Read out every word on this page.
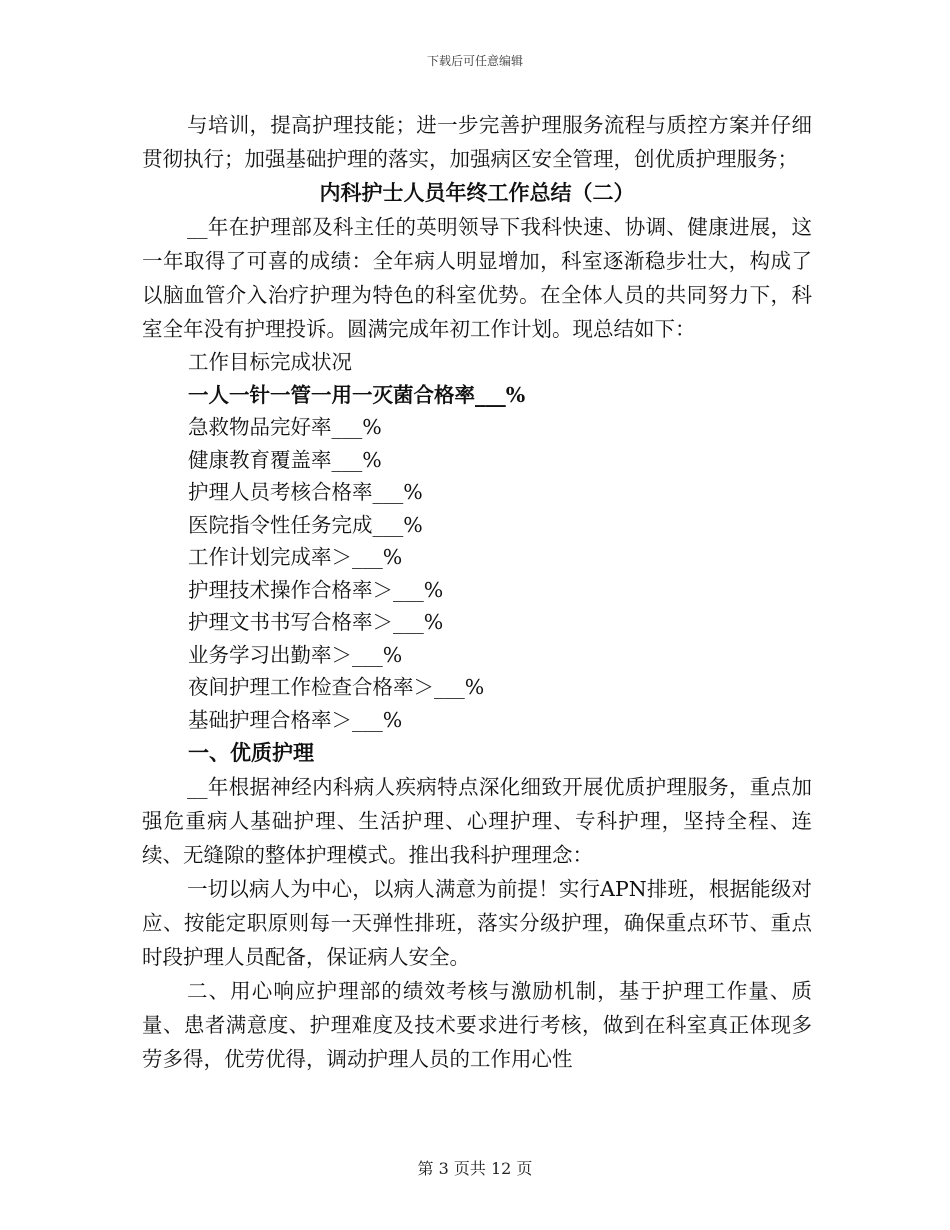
下载后可任意编辑

与培训，提高护理技能；进一步完善护理服务流程与质控方案并仔细贯彻执行；加强基础护理的落实，加强病区安全管理，创优质护理服务；

内科护士人员年终工作总结（二）

__年在护理部及科主任的英明领导下我科快速、协调、健康进展，这一年取得了可喜的成绩：全年病人明显增加，科室逐渐稳步壮大，构成了以脑血管介入治疗护理为特色的科室优势。在全体人员的共同努力下，科室全年没有护理投诉。圆满完成年初工作计划。现总结如下：

工作目标完成状况

一人一针一管一用一灭菌合格率___%

急救物品完好率___%

健康教育覆盖率___%

护理人员考核合格率___%

医院指令性任务完成___%

工作计划完成率＞___%

护理技术操作合格率＞___%

护理文书书写合格率＞___%

业务学习出勤率＞___%

夜间护理工作检查合格率＞___%

基础护理合格率＞___%

一、优质护理

__年根据神经内科病人疾病特点深化细致开展优质护理服务，重点加强危重病人基础护理、生活护理、心理护理、专科护理，坚持全程、连续、无缝隙的整体护理模式。推出我科护理理念：

一切以病人为中心，以病人满意为前提！实行APN排班，根据能级对应、按能定职原则每一天弹性排班，落实分级护理，确保重点环节、重点时段护理人员配备，保证病人安全。

二、用心响应护理部的绩效考核与激励机制，基于护理工作量、质量、患者满意度、护理难度及技术要求进行考核，做到在科室真正体现多劳多得，优劳优得，调动护理人员的工作用心性

第 3 页共 12 页
